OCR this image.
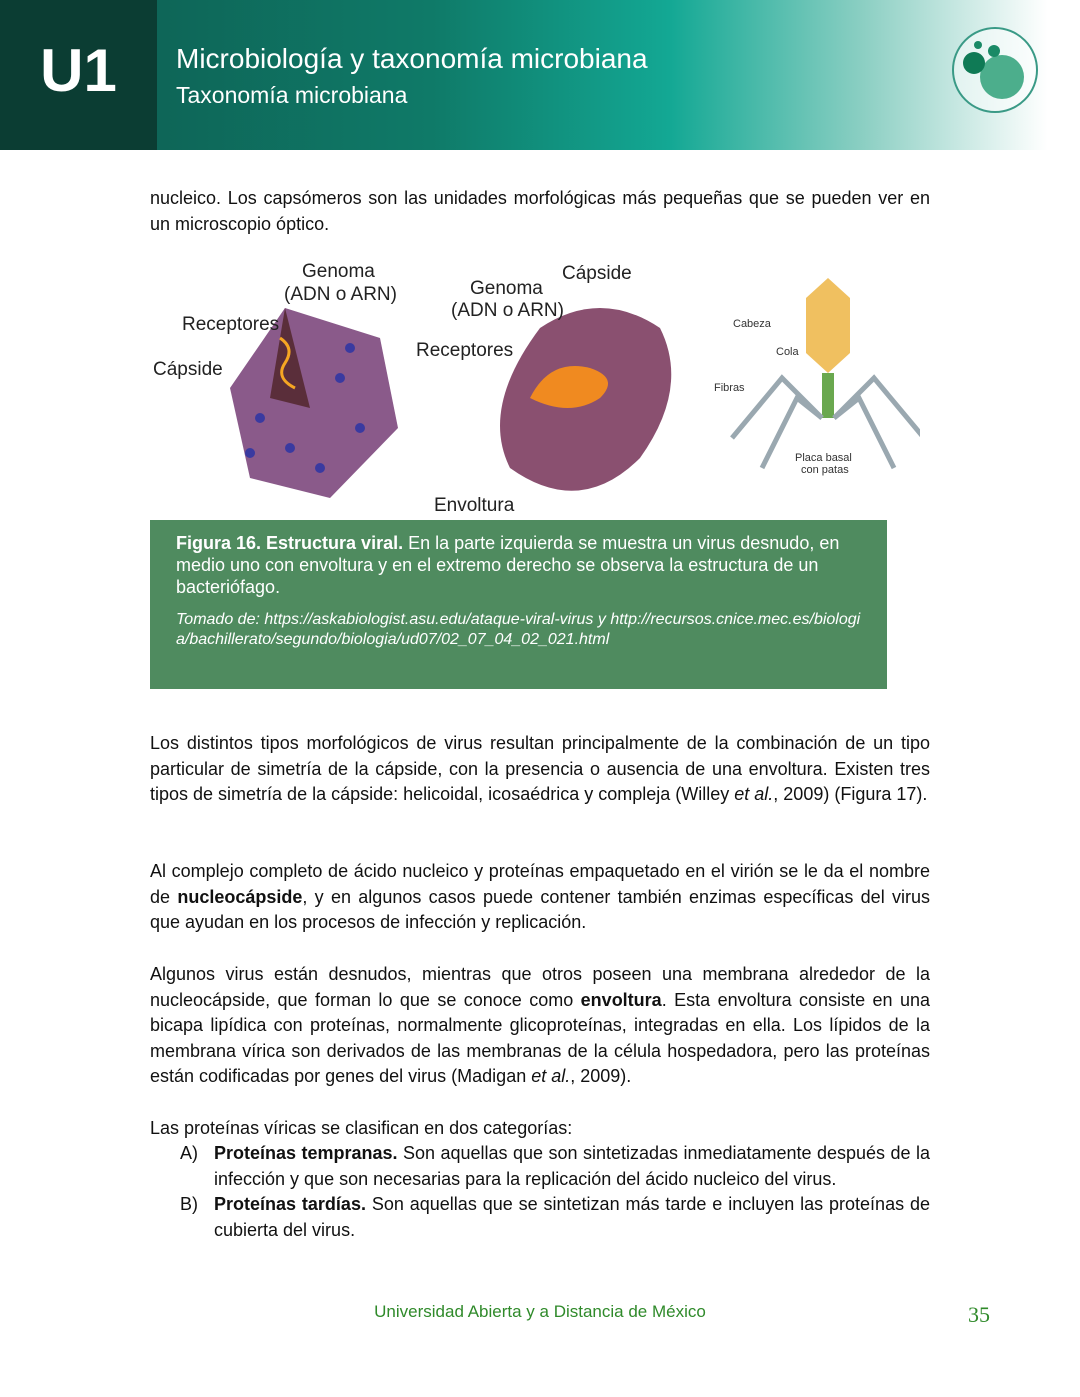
U1	Microbiología y taxonomía microbiana
Taxonomía microbiana

nucleico. Los capsómeros son las unidades morfológicas más pequeñas que se pueden ver en un microscopio óptico.

Genoma
(ADN o ARN)
Receptores
Cápside
Genoma
(ADN o ARN)
Cápside
Receptores
Envoltura
Cabeza
Cola
Fibras
Placa basal
con patas
Figura 16. Estructura viral. En la parte izquierda se muestra un virus desnudo, en medio uno con envoltura y en el extremo derecho se observa la estructura de un bacteriófago.
Tomado de: https://askabiologist.asu.edu/ataque-viral-virus y http://recursos.cnice.mec.es/biologia/bachillerato/segundo/biologia/ud07/02_07_04_02_021.html

Los distintos tipos morfológicos de virus resultan principalmente de la combinación de un tipo particular de simetría de la cápside, con la presencia o ausencia de una envoltura. Existen tres tipos de simetría de la cápside: helicoidal, icosaédrica y compleja (Willey et al., 2009) (Figura 17).

Al complejo completo de ácido nucleico y proteínas empaquetado en el virión se le da el nombre de nucleocápside, y en algunos casos puede contener también enzimas específicas del virus que ayudan en los procesos de infección y replicación.

Algunos virus están desnudos, mientras que otros poseen una membrana alrededor de la nucleocápside, que forman lo que se conoce como envoltura. Esta envoltura consiste en una bicapa lipídica con proteínas, normalmente glicoproteínas, integradas en ella. Los lípidos de la membrana vírica son derivados de las membranas de la célula hospedadora, pero las proteínas están codificadas por genes del virus (Madigan et al., 2009).

Las proteínas víricas se clasifican en dos categorías:

A) Proteínas tempranas. Son aquellas que son sintetizadas inmediatamente después de la infección y que son necesarias para la replicación del ácido nucleico del virus.
B) Proteínas tardías. Son aquellas que se sintetizan más tarde e incluyen las proteínas de cubierta del virus.
Universidad Abierta y a Distancia de México	35
